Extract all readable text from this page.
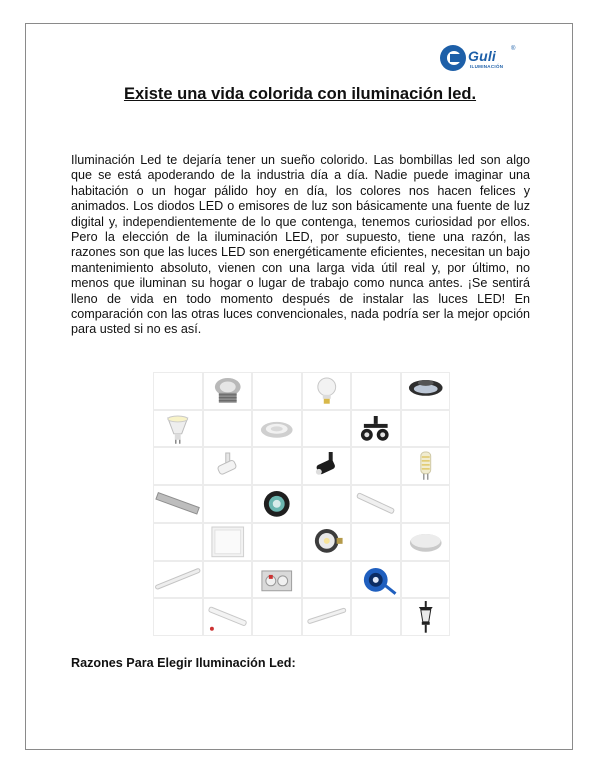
Guli ®
ILUMINACIÓN
Existe una vida colorida con iluminación led.

Iluminación Led te dejaría tener un sueño colorido. Las bombillas led son algo que se está apoderando de la industria día a día. Nadie puede imaginar una habitación o un hogar pálido hoy en día, los colores nos hacen felices y animados. Los diodos LED o emisores de luz son básicamente una fuente de luz digital y, independientemente de lo que contenga, tenemos curiosidad por ellos. Pero la elección de la iluminación LED, por supuesto, tiene una razón, las razones son que las luces LED son energéticamente eficientes, necesitan un bajo mantenimiento absoluto, vienen con una larga vida útil real y, por último, no menos que iluminan su hogar o lugar de trabajo como nunca antes. ¡Se sentirá lleno de vida en todo momento después de instalar las luces LED! En comparación con las otras luces convencionales, nada podría ser la mejor opción para usted si no es así.

Razones Para Elegir Iluminación Led:
